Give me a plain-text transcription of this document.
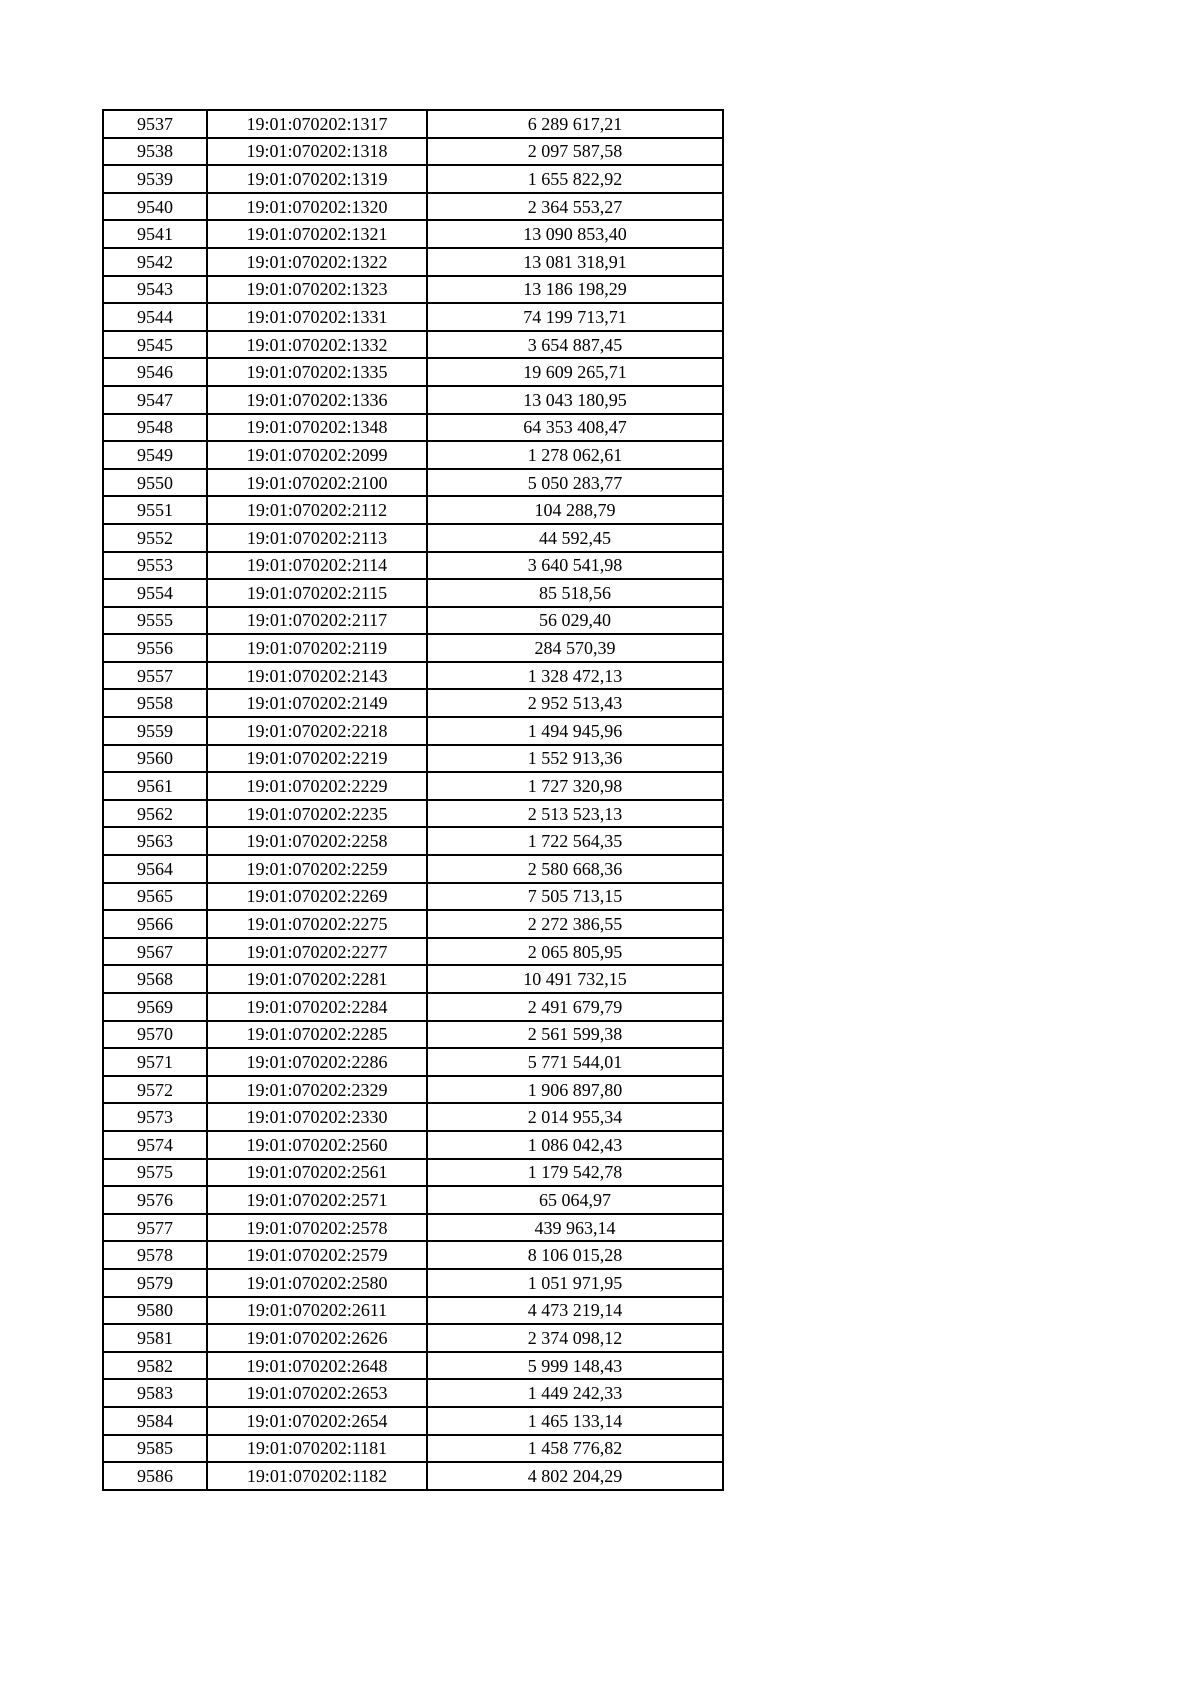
9537	19:01:070202:1317	6 289 617,21
9538	19:01:070202:1318	2 097 587,58
9539	19:01:070202:1319	1 655 822,92
9540	19:01:070202:1320	2 364 553,27
9541	19:01:070202:1321	13 090 853,40
9542	19:01:070202:1322	13 081 318,91
9543	19:01:070202:1323	13 186 198,29
9544	19:01:070202:1331	74 199 713,71
9545	19:01:070202:1332	3 654 887,45
9546	19:01:070202:1335	19 609 265,71
9547	19:01:070202:1336	13 043 180,95
9548	19:01:070202:1348	64 353 408,47
9549	19:01:070202:2099	1 278 062,61
9550	19:01:070202:2100	5 050 283,77
9551	19:01:070202:2112	104 288,79
9552	19:01:070202:2113	44 592,45
9553	19:01:070202:2114	3 640 541,98
9554	19:01:070202:2115	85 518,56
9555	19:01:070202:2117	56 029,40
9556	19:01:070202:2119	284 570,39
9557	19:01:070202:2143	1 328 472,13
9558	19:01:070202:2149	2 952 513,43
9559	19:01:070202:2218	1 494 945,96
9560	19:01:070202:2219	1 552 913,36
9561	19:01:070202:2229	1 727 320,98
9562	19:01:070202:2235	2 513 523,13
9563	19:01:070202:2258	1 722 564,35
9564	19:01:070202:2259	2 580 668,36
9565	19:01:070202:2269	7 505 713,15
9566	19:01:070202:2275	2 272 386,55
9567	19:01:070202:2277	2 065 805,95
9568	19:01:070202:2281	10 491 732,15
9569	19:01:070202:2284	2 491 679,79
9570	19:01:070202:2285	2 561 599,38
9571	19:01:070202:2286	5 771 544,01
9572	19:01:070202:2329	1 906 897,80
9573	19:01:070202:2330	2 014 955,34
9574	19:01:070202:2560	1 086 042,43
9575	19:01:070202:2561	1 179 542,78
9576	19:01:070202:2571	65 064,97
9577	19:01:070202:2578	439 963,14
9578	19:01:070202:2579	8 106 015,28
9579	19:01:070202:2580	1 051 971,95
9580	19:01:070202:2611	4 473 219,14
9581	19:01:070202:2626	2 374 098,12
9582	19:01:070202:2648	5 999 148,43
9583	19:01:070202:2653	1 449 242,33
9584	19:01:070202:2654	1 465 133,14
9585	19:01:070202:1181	1 458 776,82
9586	19:01:070202:1182	4 802 204,29
